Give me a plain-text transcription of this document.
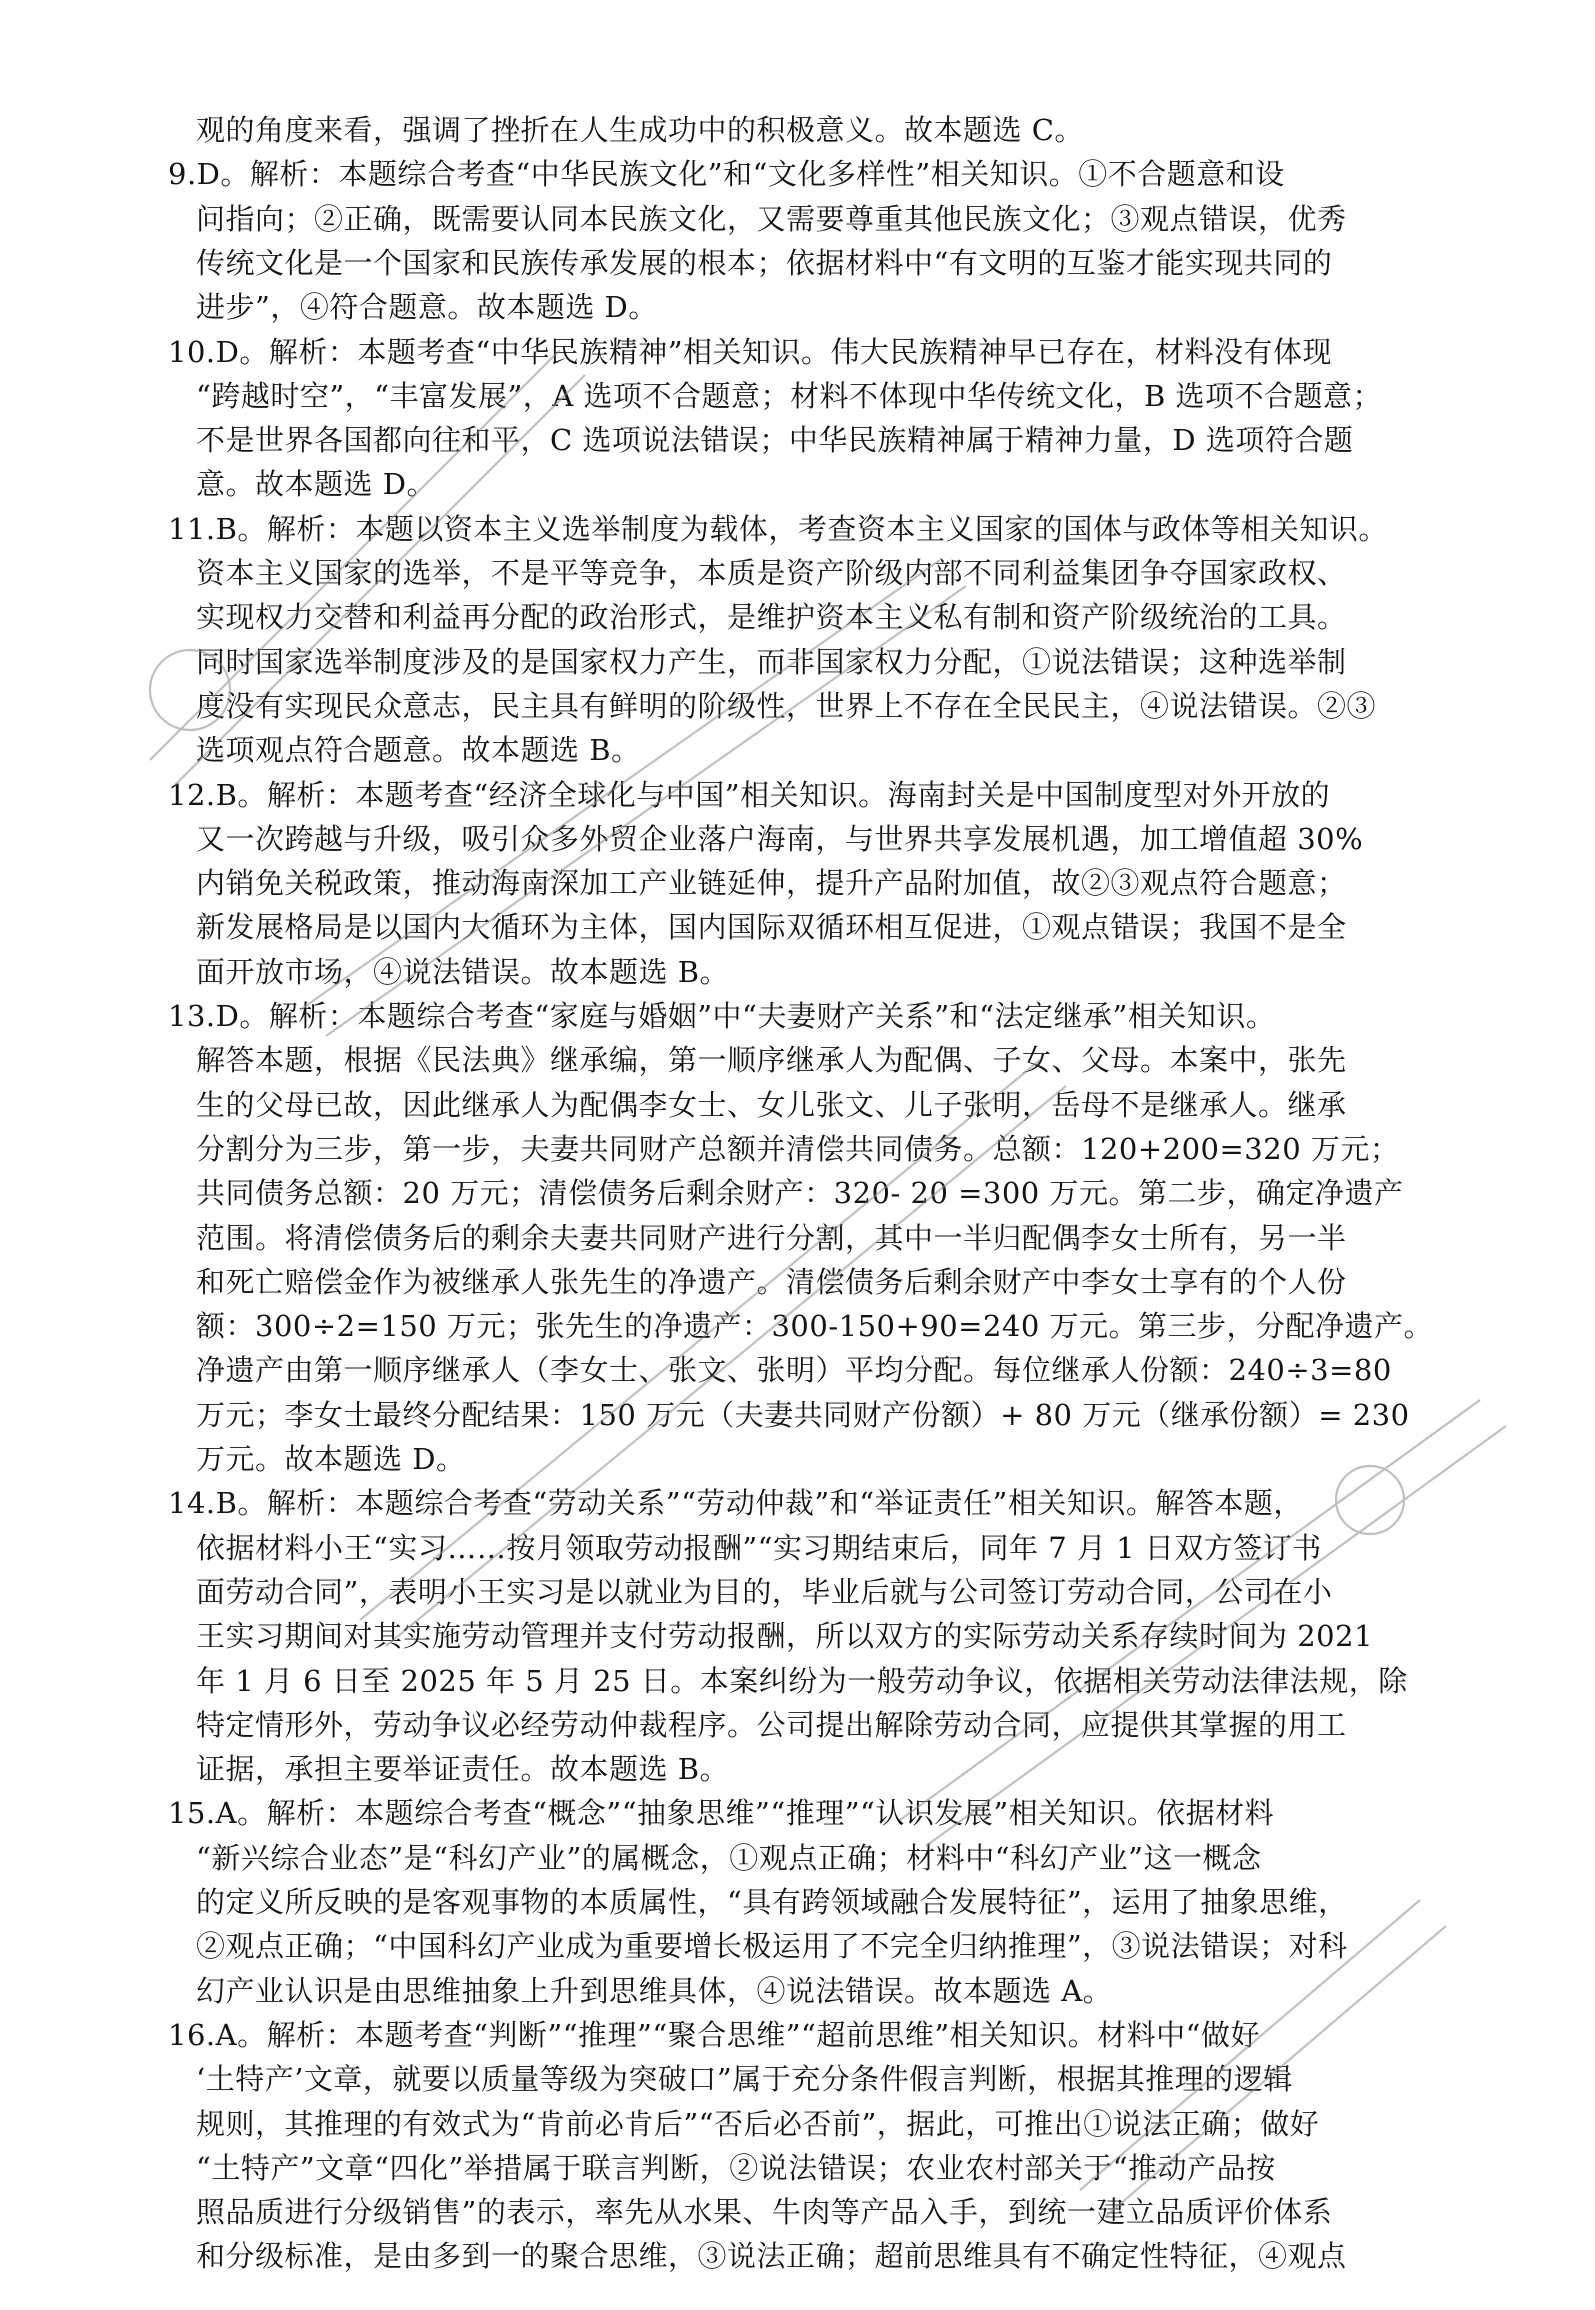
观的角度来看，强调了挫折在人生成功中的积极意义。故本题选 C。
9.D。解析：本题综合考查“中华民族文化”和“文化多样性”相关知识。①不合题意和设
问指向；②正确，既需要认同本民族文化，又需要尊重其他民族文化；③观点错误，优秀
传统文化是一个国家和民族传承发展的根本；依据材料中“有文明的互鉴才能实现共同的
进步”，④符合题意。故本题选 D。
10.D。解析：本题考查“中华民族精神”相关知识。伟大民族精神早已存在，材料没有体现
“跨越时空”，“丰富发展”，A 选项不合题意；材料不体现中华传统文化，B 选项不合题意；
不是世界各国都向往和平，C 选项说法错误；中华民族精神属于精神力量，D 选项符合题
意。故本题选 D。
11.B。解析：本题以资本主义选举制度为载体，考查资本主义国家的国体与政体等相关知识。
资本主义国家的选举，不是平等竞争，本质是资产阶级内部不同利益集团争夺国家政权、
实现权力交替和利益再分配的政治形式，是维护资本主义私有制和资产阶级统治的工具。
同时国家选举制度涉及的是国家权力产生，而非国家权力分配，①说法错误；这种选举制
度没有实现民众意志，民主具有鲜明的阶级性，世界上不存在全民民主，④说法错误。②③
选项观点符合题意。故本题选 B。
12.B。解析：本题考查“经济全球化与中国”相关知识。海南封关是中国制度型对外开放的
又一次跨越与升级，吸引众多外贸企业落户海南，与世界共享发展机遇，加工增值超 30%
内销免关税政策，推动海南深加工产业链延伸，提升产品附加值，故②③观点符合题意；
新发展格局是以国内大循环为主体，国内国际双循环相互促进，①观点错误；我国不是全
面开放市场，④说法错误。故本题选 B。
13.D。解析：本题综合考查“家庭与婚姻”中“夫妻财产关系”和“法定继承”相关知识。
解答本题，根据《民法典》继承编，第一顺序继承人为配偶、子女、父母。本案中，张先
生的父母已故，因此继承人为配偶李女士、女儿张文、儿子张明，岳母不是继承人。继承
分割分为三步，第一步，夫妻共同财产总额并清偿共同债务。总额：120+200=320 万元；
共同债务总额：20 万元；清偿债务后剩余财产：320- 20 =300 万元。第二步，确定净遗产
范围。将清偿债务后的剩余夫妻共同财产进行分割，其中一半归配偶李女士所有，另一半
和死亡赔偿金作为被继承人张先生的净遗产。清偿债务后剩余财产中李女士享有的个人份
额：300÷2=150 万元；张先生的净遗产：300-150+90=240 万元。第三步，分配净遗产。
净遗产由第一顺序继承人（李女士、张文、张明）平均分配。每位继承人份额：240÷3=80
万元；李女士最终分配结果：150 万元（夫妻共同财产份额）+ 80 万元（继承份额）= 230
万元。故本题选 D。
14.B。解析：本题综合考查“劳动关系”“劳动仲裁”和“举证责任”相关知识。解答本题，
依据材料小王“实习……按月领取劳动报酬”“实习期结束后，同年 7 月 1 日双方签订书
面劳动合同”，表明小王实习是以就业为目的，毕业后就与公司签订劳动合同，公司在小
王实习期间对其实施劳动管理并支付劳动报酬，所以双方的实际劳动关系存续时间为 2021
年 1 月 6 日至 2025 年 5 月 25 日。本案纠纷为一般劳动争议，依据相关劳动法律法规，除
特定情形外，劳动争议必经劳动仲裁程序。公司提出解除劳动合同，应提供其掌握的用工
证据，承担主要举证责任。故本题选 B。
15.A。解析：本题综合考查“概念”“抽象思维”“推理”“认识发展”相关知识。依据材料
“新兴综合业态”是“科幻产业”的属概念，①观点正确；材料中“科幻产业”这一概念
的定义所反映的是客观事物的本质属性，“具有跨领域融合发展特征”，运用了抽象思维，
②观点正确；“中国科幻产业成为重要增长极运用了不完全归纳推理”，③说法错误；对科
幻产业认识是由思维抽象上升到思维具体，④说法错误。故本题选 A。
16.A。解析：本题考查“判断”“推理”“聚合思维”“超前思维”相关知识。材料中“做好
‘土特产’文章，就要以质量等级为突破口”属于充分条件假言判断，根据其推理的逻辑
规则，其推理的有效式为“肯前必肯后”“否后必否前”，据此，可推出①说法正确；做好
“土特产”文章“四化”举措属于联言判断，②说法错误；农业农村部关于“推动产品按
照品质进行分级销售”的表示，率先从水果、牛肉等产品入手，到统一建立品质评价体系
和分级标准，是由多到一的聚合思维，③说法正确；超前思维具有不确定性特征，④观点
